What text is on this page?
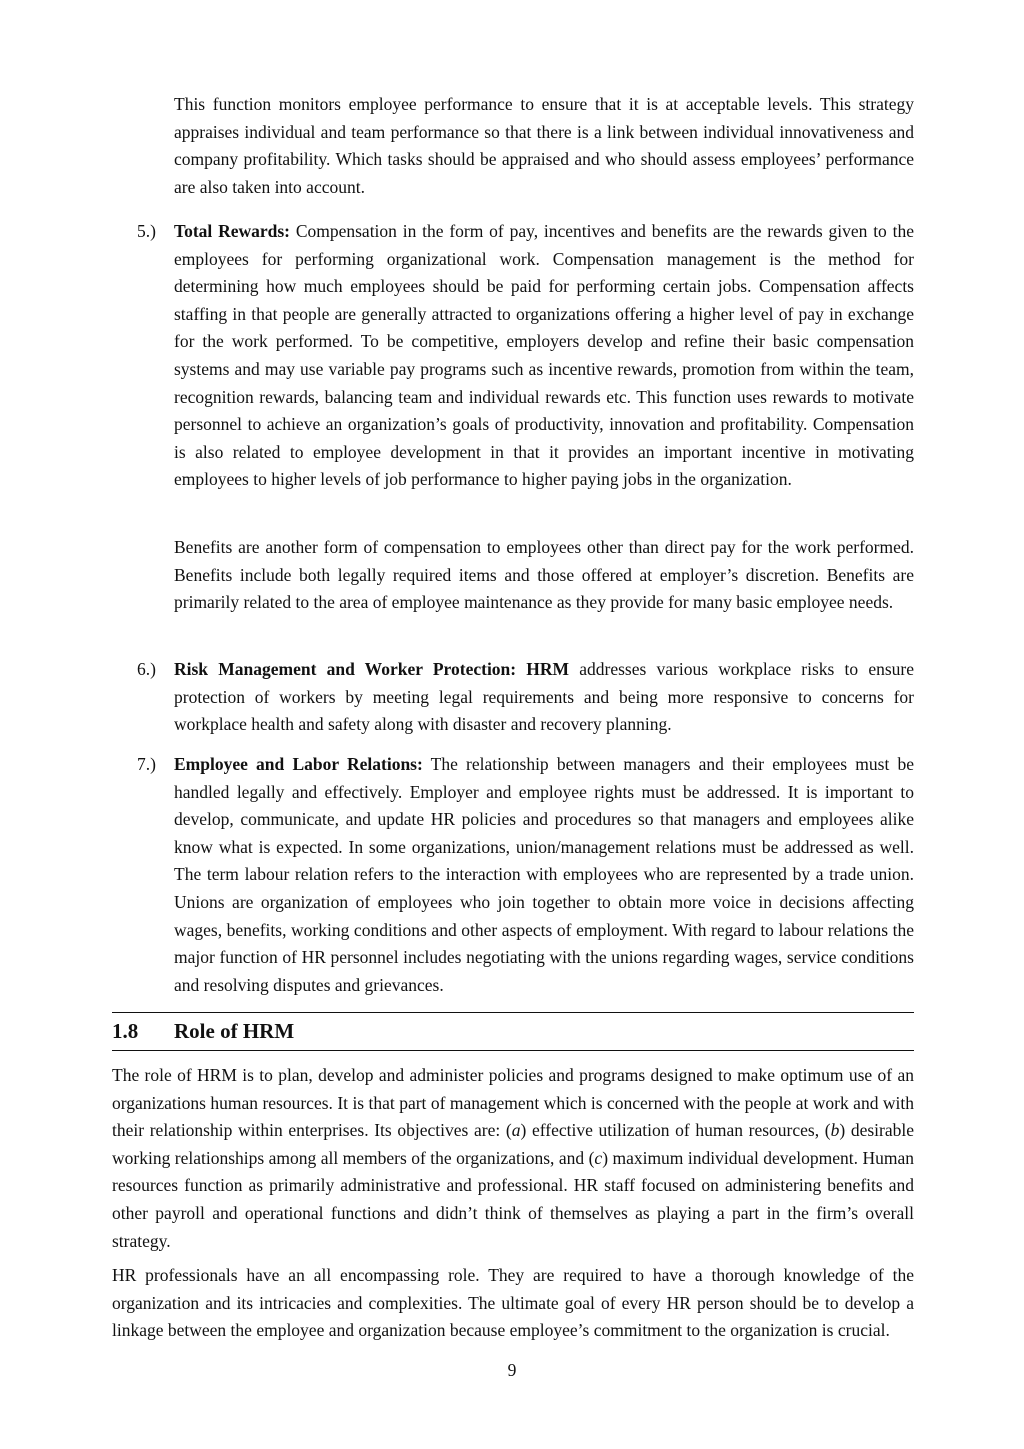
This function monitors employee performance to ensure that it is at acceptable levels. This strategy appraises individual and team performance so that there is a link between individual innovativeness and company profitability. Which tasks should be appraised and who should assess employees’ performance are also taken into account.

5.) Total Rewards: Compensation in the form of pay, incentives and benefits are the rewards given to the employees for performing organizational work. Compensation management is the method for determining how much employees should be paid for performing certain jobs. Compensation affects staffing in that people are generally attracted to organizations offering a higher level of pay in exchange for the work performed. To be competitive, employers develop and refine their basic compensation systems and may use variable pay programs such as incentive rewards, promotion from within the team, recognition rewards, balancing team and individual rewards etc. This function uses rewards to motivate personnel to achieve an organization’s goals of productivity, innovation and profitability. Compensation is also related to employee development in that it provides an important incentive in motivating employees to higher levels of job performance to higher paying jobs in the organization.

Benefits are another form of compensation to employees other than direct pay for the work performed. Benefits include both legally required items and those offered at employer’s discretion. Benefits are primarily related to the area of employee maintenance as they provide for many basic employee needs.

6.) Risk Management and Worker Protection: HRM addresses various workplace risks to ensure protection of workers by meeting legal requirements and being more responsive to concerns for workplace health and safety along with disaster and recovery planning.

7.) Employee and Labor Relations: The relationship between managers and their employees must be handled legally and effectively. Employer and employee rights must be addressed. It is important to develop, communicate, and update HR policies and procedures so that managers and employees alike know what is expected. In some organizations, union/management relations must be addressed as well. The term labour relation refers to the interaction with employees who are represented by a trade union. Unions are organization of employees who join together to obtain more voice in decisions affecting wages, benefits, working conditions and other aspects of employment. With regard to labour relations the major function of HR personnel includes negotiating with the unions regarding wages, service conditions and resolving disputes and grievances.

1.8 Role of HRM

The role of HRM is to plan, develop and administer policies and programs designed to make optimum use of an organizations human resources. It is that part of management which is concerned with the people at work and with their relationship within enterprises. Its objectives are: (a) effective utilization of human resources, (b) desirable working relationships among all members of the organizations, and (c) maximum individual development. Human resources function as primarily administrative and professional. HR staff focused on administering benefits and other payroll and operational functions and didn’t think of themselves as playing a part in the firm’s overall strategy.

HR professionals have an all encompassing role. They are required to have a thorough knowledge of the organization and its intricacies and complexities. The ultimate goal of every HR person should be to develop a linkage between the employee and organization because employee’s commitment to the organization is crucial.

9
